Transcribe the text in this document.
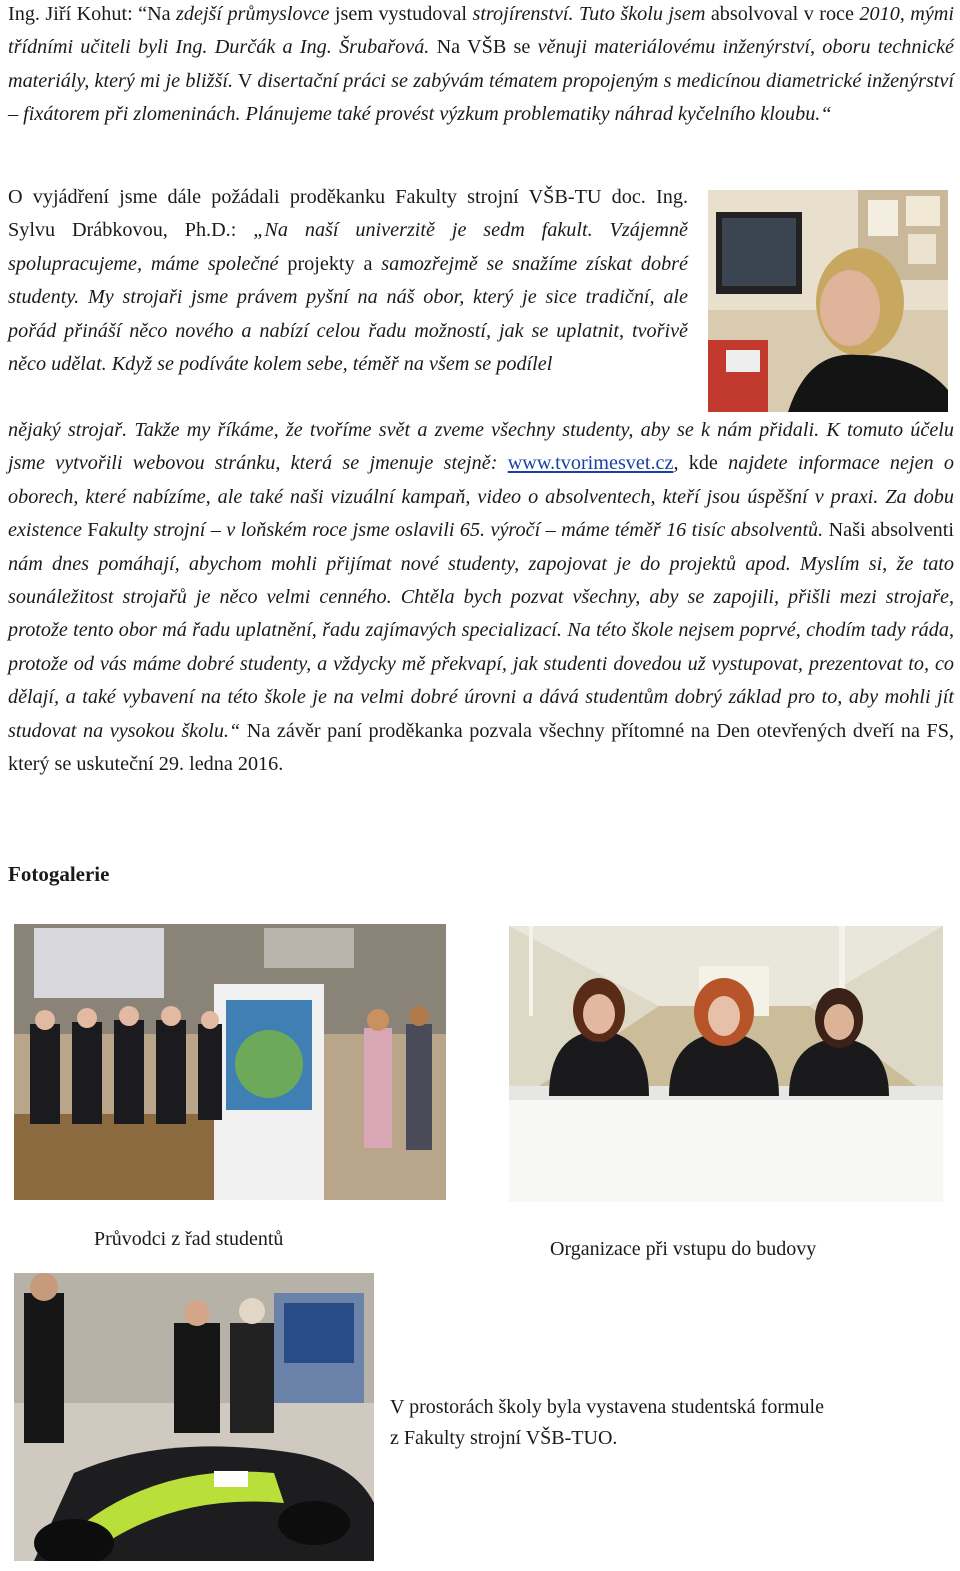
Ing. Jiří Kohut: “Na zdejší průmyslovce jsem vystudoval strojírenství. Tuto školu jsem absolvoval v roce 2010, mými třídními učiteli byli Ing. Durčák a Ing. Šrubařová. Na VŠB se věnuji materiálovému inženýrství, oboru technické materiály, který mi je bližší. V disertační práci se zabývám tématem propojeným s medicínou diametrické inženýrství – fixátorem při zlomeninách. Plánujeme také provést výzkum problematiky náhrad kyčelního kloubu.“

O vyjádření jsme dále požádali proděkanku Fakulty strojní VŠB-TU doc. Ing. Sylvu Drábkovou, Ph.D.: „Na naší univerzitě je sedm fakult. Vzájemně spolupracujeme, máme společné projekty a samozřejmě se snažíme získat dobré studenty. My strojaři jsme právem pyšní na náš obor, který je sice tradiční, ale pořád přináší něco nového a nabízí celou řadu možností, jak se uplatnit, tvořivě něco udělat. Když se podíváte kolem sebe, téměř na všem se podílel

nějaký strojař. Takže my říkáme, že tvoříme svět a zveme všechny studenty, aby se k nám přidali. K tomuto účelu jsme vytvořili webovou stránku, která se jmenuje stejně: www.tvorimesvet.cz, kde najdete informace nejen o oborech, které nabízíme, ale také naši vizuální kampaň, video o absolventech, kteří jsou úspěšní v praxi. Za dobu existence Fakulty strojní – v loňském roce jsme oslavili 65. výročí – máme téměř 16 tisíc absolventů. Naši absolventi nám dnes pomáhají, abychom mohli přijímat nové studenty, zapojovat je do projektů apod. Myslím si, že tato sounáležitost strojařů je něco velmi cenného. Chtěla bych pozvat všechny, aby se zapojili, přišli mezi strojaře, protože tento obor má řadu uplatnění, řadu zajímavých specializací. Na této škole nejsem poprvé, chodím tady ráda, protože od vás máme dobré studenty, a vždycky mě překvapí, jak studenti dovedou už vystupovat, prezentovat to, co dělají, a také vybavení na této škole je na velmi dobré úrovni a dává studentům dobrý základ pro to, aby mohli jít studovat na vysokou školu.“ Na závěr paní proděkanka pozvala všechny přítomné na Den otevřených dveří na FS, který se uskuteční 29. ledna 2016.

Fotogalerie

Průvodci z řad studentů	Organizace při vstupu do budovy

V prostorách školy byla vystavena studentská formule
z Fakulty strojní VŠB-TUO.
